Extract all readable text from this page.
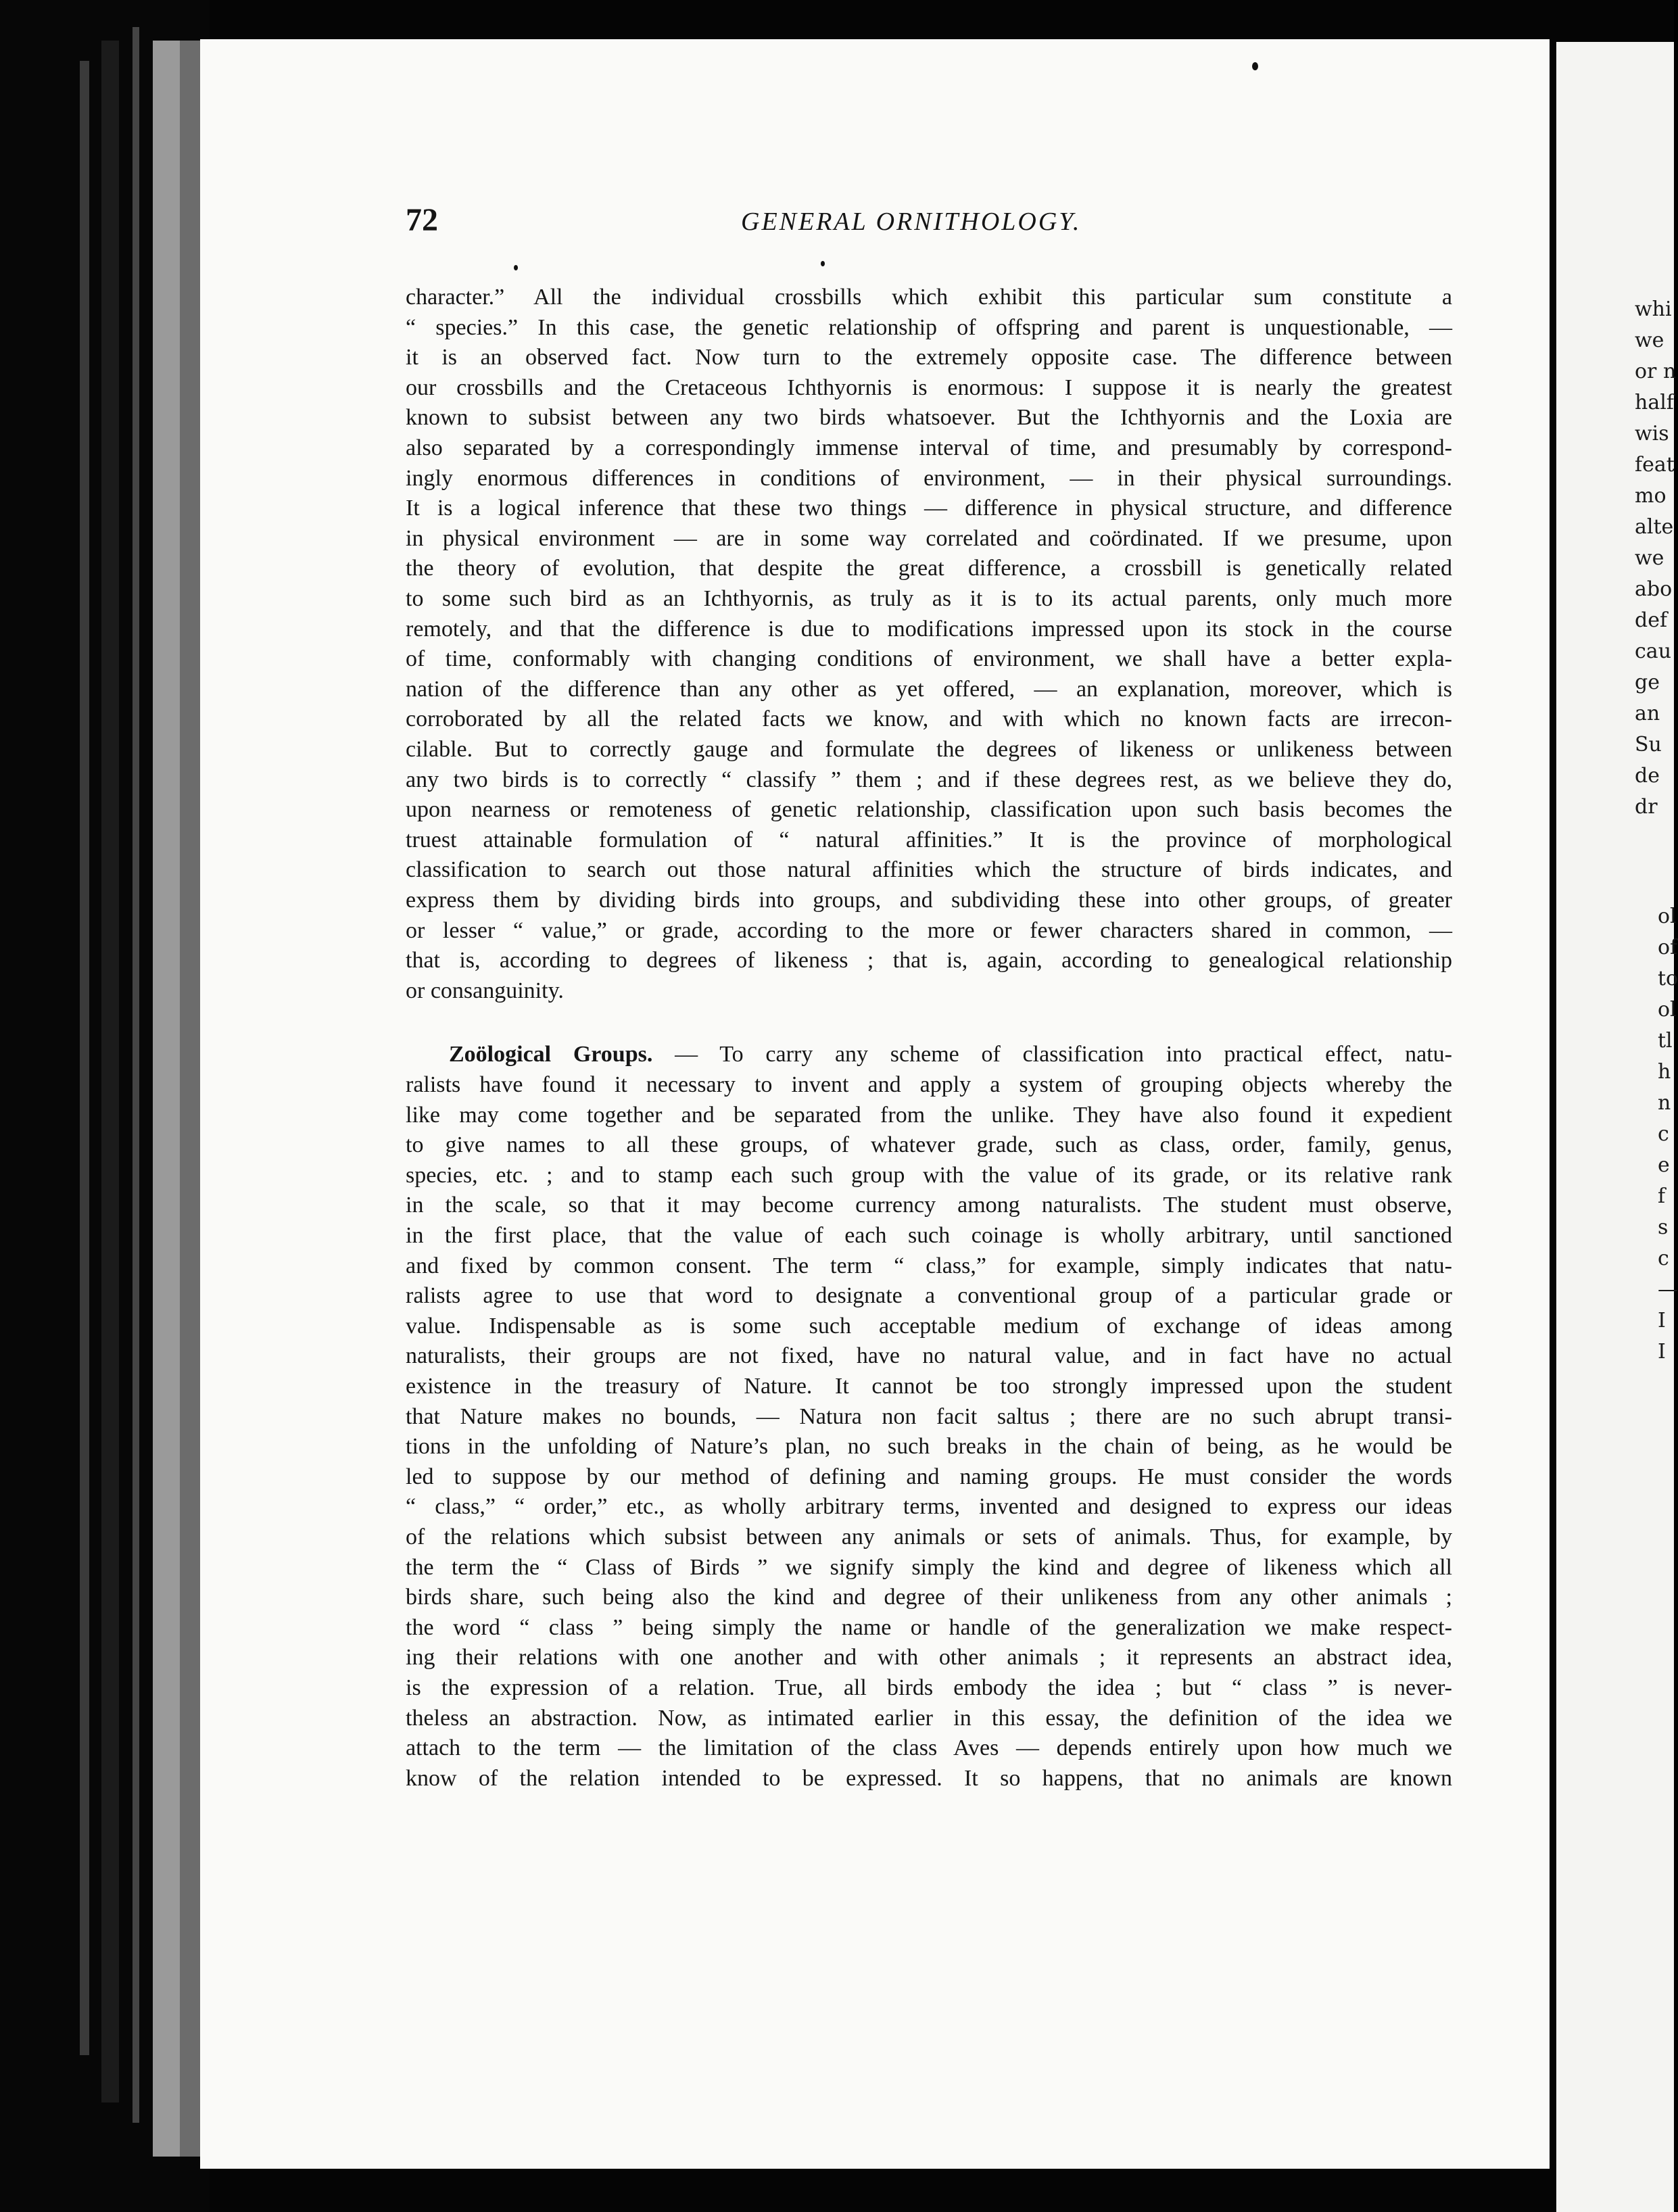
whi
we
or n
half
wis
feat
mo
alte
we
abo
def
cau
ge
an
Su
de
dr
ol
of
to
ol
tl
h
n
c
e
f
s
c
—
I
I
72	GENERAL ORNITHOLOGY.
character.” All the individual crossbills which exhibit this particular sum constitute a
“ species.” In this case, the genetic relationship of offspring and parent is unquestionable, —
it is an observed fact. Now turn to the extremely opposite case. The difference between
our crossbills and the Cretaceous Ichthyornis is enormous: I suppose it is nearly the greatest
known to subsist between any two birds whatsoever. But the Ichthyornis and the Loxia are
also separated by a correspondingly immense interval of time, and presumably by correspond-
ingly enormous differences in conditions of environment, — in their physical surroundings.
It is a logical inference that these two things — difference in physical structure, and difference
in physical environment — are in some way correlated and coördinated. If we presume, upon
the theory of evolution, that despite the great difference, a crossbill is genetically related
to some such bird as an Ichthyornis, as truly as it is to its actual parents, only much more
remotely, and that the difference is due to modifications impressed upon its stock in the course
of time, conformably with changing conditions of environment, we shall have a better expla-
nation of the difference than any other as yet offered, — an explanation, moreover, which is
corroborated by all the related facts we know, and with which no known facts are irrecon-
cilable. But to correctly gauge and formulate the degrees of likeness or unlikeness between
any two birds is to correctly “ classify ” them ; and if these degrees rest, as we believe they do,
upon nearness or remoteness of genetic relationship, classification upon such basis becomes the
truest attainable formulation of “ natural affinities.” It is the province of morphological
classification to search out those natural affinities which the structure of birds indicates, and
express them by dividing birds into groups, and subdividing these into other groups, of greater
or lesser “ value,” or grade, according to the more or fewer characters shared in common, —
that is, according to degrees of likeness ; that is, again, according to genealogical relationship
or consanguinity.
Zoölogical Groups. — To carry any scheme of classification into practical effect, natu-
ralists have found it necessary to invent and apply a system of grouping objects whereby the
like may come together and be separated from the unlike. They have also found it expedient
to give names to all these groups, of whatever grade, such as class, order, family, genus,
species, etc. ; and to stamp each such group with the value of its grade, or its relative rank
in the scale, so that it may become currency among naturalists. The student must observe,
in the first place, that the value of each such coinage is wholly arbitrary, until sanctioned
and fixed by common consent. The term “ class,” for example, simply indicates that natu-
ralists agree to use that word to designate a conventional group of a particular grade or
value. Indispensable as is some such acceptable medium of exchange of ideas among
naturalists, their groups are not fixed, have no natural value, and in fact have no actual
existence in the treasury of Nature. It cannot be too strongly impressed upon the student
that Nature makes no bounds, — Natura non facit saltus ; there are no such abrupt transi-
tions in the unfolding of Nature’s plan, no such breaks in the chain of being, as he would be
led to suppose by our method of defining and naming groups. He must consider the words
“ class,” “ order,” etc., as wholly arbitrary terms, invented and designed to express our ideas
of the relations which subsist between any animals or sets of animals. Thus, for example, by
the term the “ Class of Birds ” we signify simply the kind and degree of likeness which all
birds share, such being also the kind and degree of their unlikeness from any other animals ;
the word “ class ” being simply the name or handle of the generalization we make respect-
ing their relations with one another and with other animals ; it represents an abstract idea,
is the expression of a relation. True, all birds embody the idea ; but “ class ” is never-
theless an abstraction. Now, as intimated earlier in this essay, the definition of the idea we
attach to the term — the limitation of the class Aves — depends entirely upon how much we
know of the relation intended to be expressed. It so happens, that no animals are known
